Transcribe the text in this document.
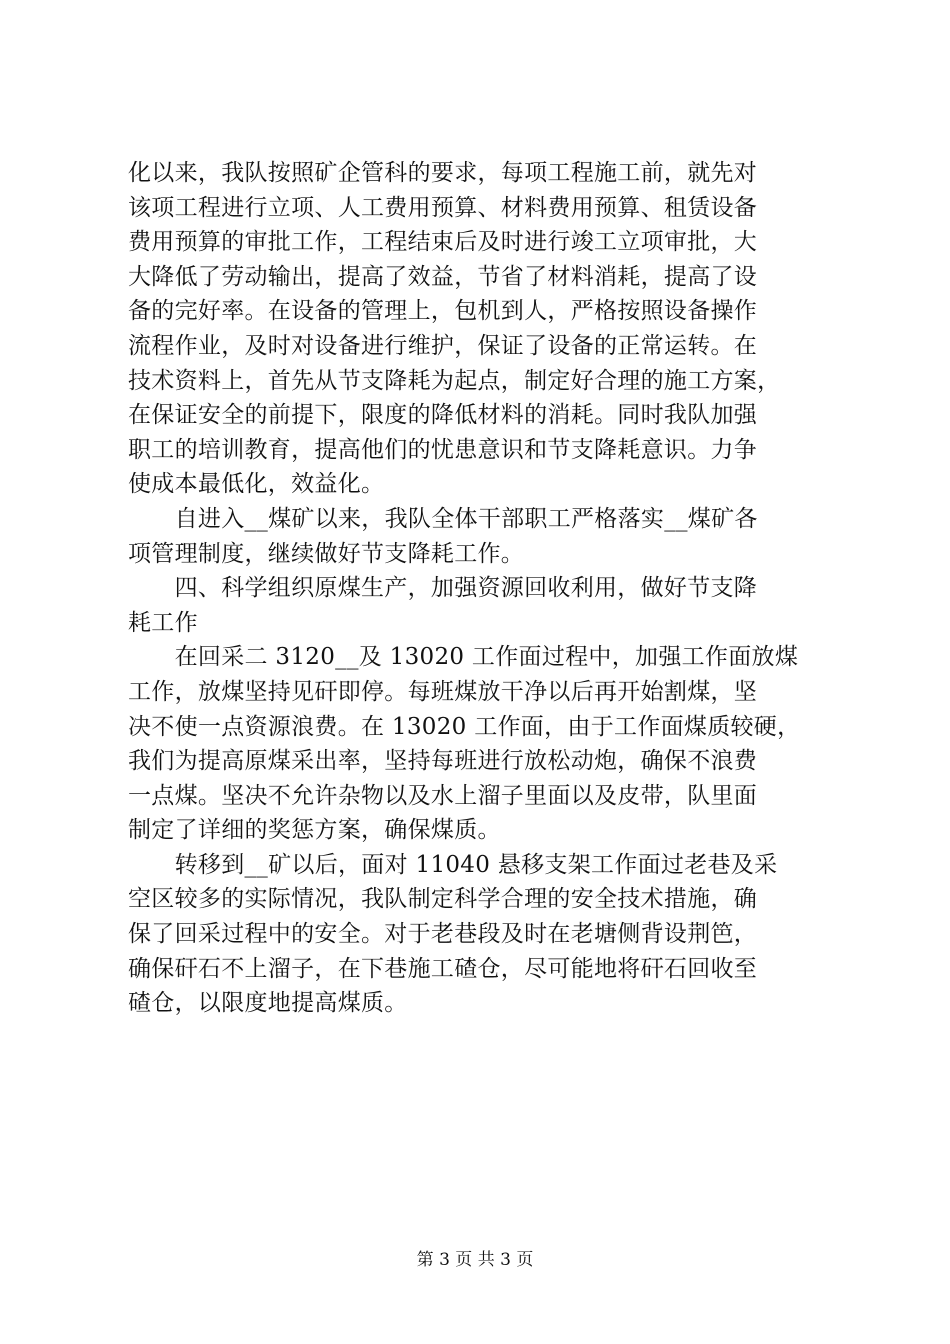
化以来，我队按照矿企管科的要求，每项工程施工前，就先对
该项工程进行立项、人工费用预算、材料费用预算、租赁设备
费用预算的审批工作，工程结束后及时进行竣工立项审批，大
大降低了劳动输出，提高了效益，节省了材料消耗，提高了设
备的完好率。在设备的管理上，包机到人，严格按照设备操作
流程作业，及时对设备进行维护，保证了设备的正常运转。在
技术资料上，首先从节支降耗为起点，制定好合理的施工方案，
在保证安全的前提下，限度的降低材料的消耗。同时我队加强
职工的培训教育，提高他们的忧患意识和节支降耗意识。力争
使成本最低化，效益化。
　　自进入__煤矿以来，我队全体干部职工严格落实__煤矿各
项管理制度，继续做好节支降耗工作。
　　四、科学组织原煤生产，加强资源回收利用，做好节支降
耗工作
　　在回采二 3120__及 13020 工作面过程中，加强工作面放煤
工作，放煤坚持见矸即停。每班煤放干净以后再开始割煤，坚
决不使一点资源浪费。在 13020 工作面，由于工作面煤质较硬，
我们为提高原煤采出率，坚持每班进行放松动炮，确保不浪费
一点煤。坚决不允许杂物以及水上溜子里面以及皮带，队里面
制定了详细的奖惩方案，确保煤质。
　　转移到__矿以后，面对 11040 悬移支架工作面过老巷及采
空区较多的实际情况，我队制定科学合理的安全技术措施，确
保了回采过程中的安全。对于老巷段及时在老塘侧背设荆笆，
确保矸石不上溜子，在下巷施工碴仓，尽可能地将矸石回收至
碴仓，以限度地提高煤质。
第 3 页 共 3 页
